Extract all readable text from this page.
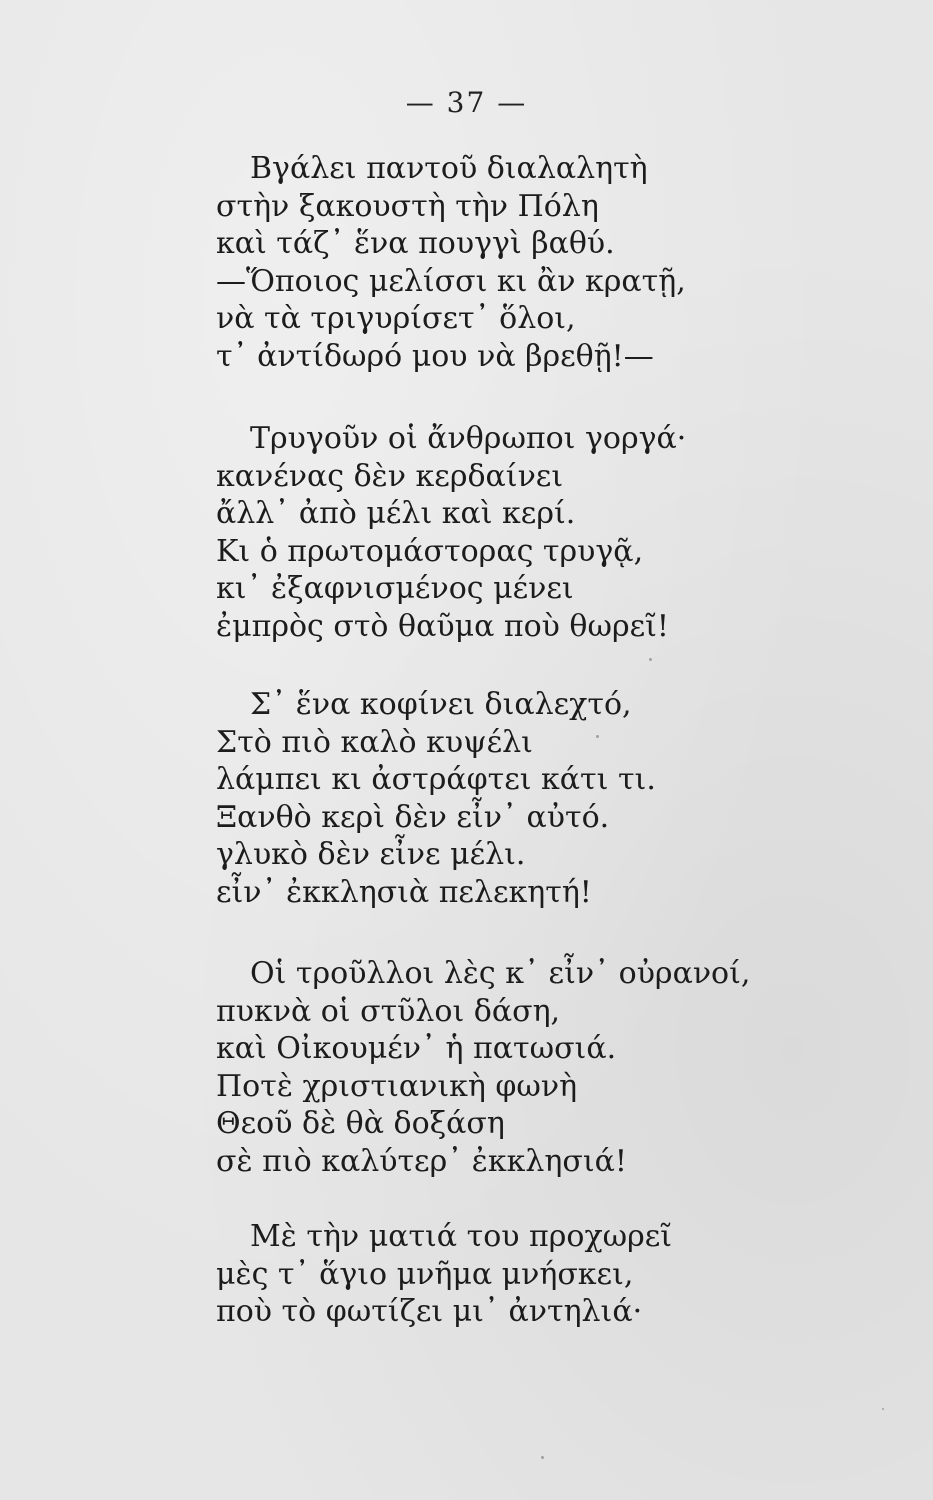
— 37 —
Βγάλει παντοῦ διαλαλητὴ
στὴν ξακουστὴ τὴν Πόλη
καὶ τάζ᾽ ἕνα πουγγὶ βαθύ.
—Ὅποιος μελίσσι κι ἂν κρατῇ,
νὰ τὰ τριγυρίσετ᾽ ὅλοι,
τ᾽ ἀντίδωρό μου νὰ βρεθῇ!—
Τρυγοῦν οἱ ἄνθρωποι γοργά·
κανένας δὲν κερδαίνει
ἄλλ᾽ ἀπὸ μέλι καὶ κερί.
Κι ὁ πρωτομάστορας τρυγᾷ,
κι᾽ ἐξαφνισμένος μένει
ἐμπρὸς στὸ θαῦμα ποὺ θωρεῖ!
Σ᾽ ἕνα κοφίνει διαλεχτό,
Στὸ πιὸ καλὸ κυψέλι
λάμπει κι ἀστράφτει κάτι τι.
Ξανθὸ κερὶ δὲν εἶν᾽ αὐτό.
γλυκὸ δὲν εἶνε μέλι.
εἶν᾽ ἐκκλησιὰ πελεκητή!
Οἱ τροῦλλοι λὲς κ᾽ εἶν᾽ οὐρανοί,
πυκνὰ οἱ στῦλοι δάση,
καὶ Οἰκουμέν᾽ ἡ πατωσιά.
Ποτὲ χριστιανικὴ φωνὴ
Θεοῦ δὲ θὰ δοξάση
σὲ πιὸ καλύτερ᾽ ἐκκλησιά!
Μὲ τὴν ματιά του προχωρεῖ
μὲς τ᾽ ἅγιο μνῆμα μνήσκει,
ποὺ τὸ φωτίζει μι᾽ ἀντηλιά·
